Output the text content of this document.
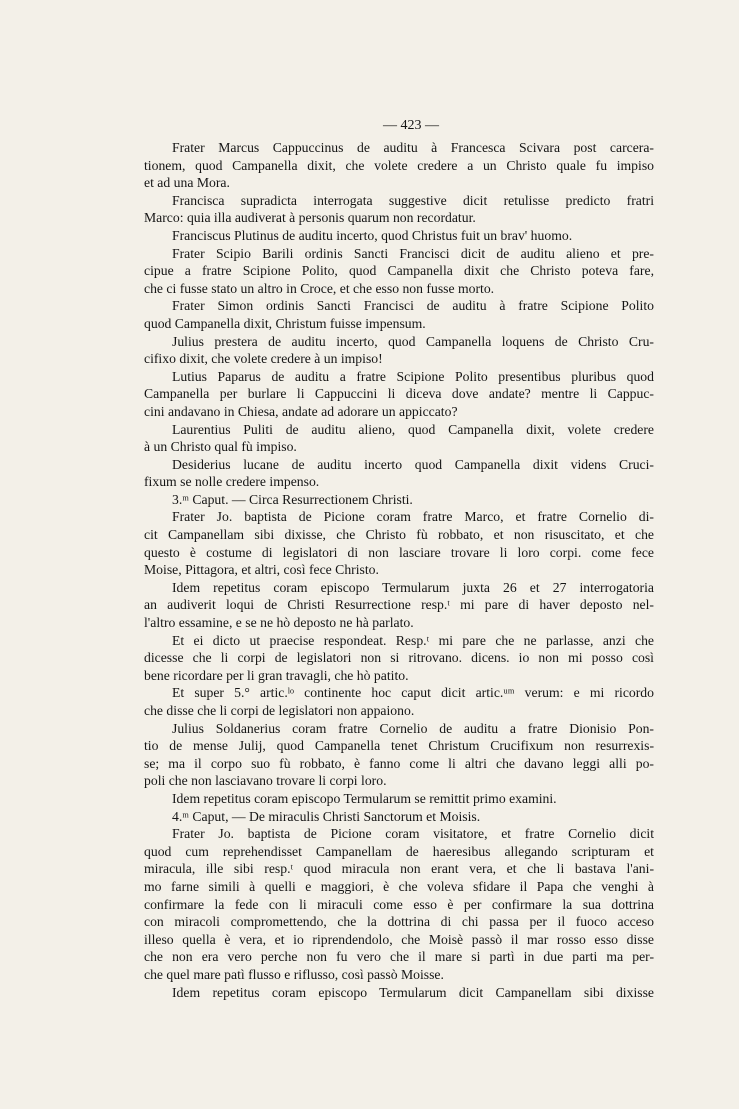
— 423 —
Frater Marcus Cappuccinus de auditu à Francesca Scivara post carcera-
tionem, quod Campanella dixit, che volete credere a un Christo quale fu impiso
et ad una Mora.
Francisca supradicta interrogata suggestive dicit retulisse predicto fratri
Marco: quia illa audiverat à personis quarum non recordatur.
Franciscus Plutinus de auditu incerto, quod Christus fuit un brav' huomo.
Frater Scipio Barili ordinis Sancti Francisci dicit de auditu alieno et pre-
cipue a fratre Scipione Polito, quod Campanella dixit che Christo poteva fare,
che ci fusse stato un altro in Croce, et che esso non fusse morto.
Frater Simon ordinis Sancti Francisci de auditu à fratre Scipione Polito
quod Campanella dixit, Christum fuisse impensum.
Julius prestera de auditu incerto, quod Campanella loquens de Christo Cru-
cifixo dixit, che volete credere à un impiso!
Lutius Paparus de auditu a fratre Scipione Polito presentibus pluribus quod
Campanella per burlare li Cappuccini li diceva dove andate? mentre li Cappuc-
cini andavano in Chiesa, andate ad adorare un appiccato?
Laurentius Puliti de auditu alieno, quod Campanella dixit, volete credere
à un Christo qual fù impiso.
Desiderius lucane de auditu incerto quod Campanella dixit videns Cruci-
fixum se nolle credere impenso.
3.ᵐ Caput. — Circa Resurrectionem Christi.
Frater Jo. baptista de Picione coram fratre Marco, et fratre Cornelio di-
cit Campanellam sibi dixisse, che Christo fù robbato, et non risuscitato, et che
questo è costume di legislatori di non lasciare trovare li loro corpi. come fece
Moise, Pittagora, et altri, così fece Christo.
Idem repetitus coram episcopo Termularum juxta 26 et 27 interrogatoria
an audiverit loqui de Christi Resurrectione resp.ᵗ mi pare di haver deposto nel-
l'altro essamine, e se ne hò deposto ne hà parlato.
Et ei dicto ut praecise respondeat. Resp.ᵗ mi pare che ne parlasse, anzi che
dicesse che li corpi de legislatori non si ritrovano. dicens. io non mi posso così
bene ricordare per li gran travagli, che hò patito.
Et super 5.° artic.ˡᵒ continente hoc caput dicit artic.ᵘᵐ verum: e mi ricordo
che disse che li corpi de legislatori non appaiono.
Julius Soldanerius coram fratre Cornelio de auditu a fratre Dionisio Pon-
tio de mense Julij, quod Campanella tenet Christum Crucifixum non resurrexis-
se; ma il corpo suo fù robbato, è fanno come li altri che davano leggi alli po-
poli che non lasciavano trovare li corpi loro.
Idem repetitus coram episcopo Termularum se remittit primo examini.
4.ᵐ Caput, — De miraculis Christi Sanctorum et Moisis.
Frater Jo. baptista de Picione coram visitatore, et fratre Cornelio dicit
quod cum reprehendisset Campanellam de haeresibus allegando scripturam et
miracula, ille sibi resp.ᵗ quod miracula non erant vera, et che li bastava l'ani-
mo farne simili à quelli e maggiori, è che voleva sfidare il Papa che venghi à
confirmare la fede con li miraculi come esso è per confirmare la sua dottrina
con miracoli compromettendo, che la dottrina di chi passa per il fuoco acceso
illeso quella è vera, et io riprendendolo, che Moisè passò il mar rosso esso disse
che non era vero perche non fu vero che il mare si partì in due parti ma per-
che quel mare patì flusso e riflusso, così passò Moisse.
Idem repetitus coram episcopo Termularum dicit Campanellam sibi dixisse
